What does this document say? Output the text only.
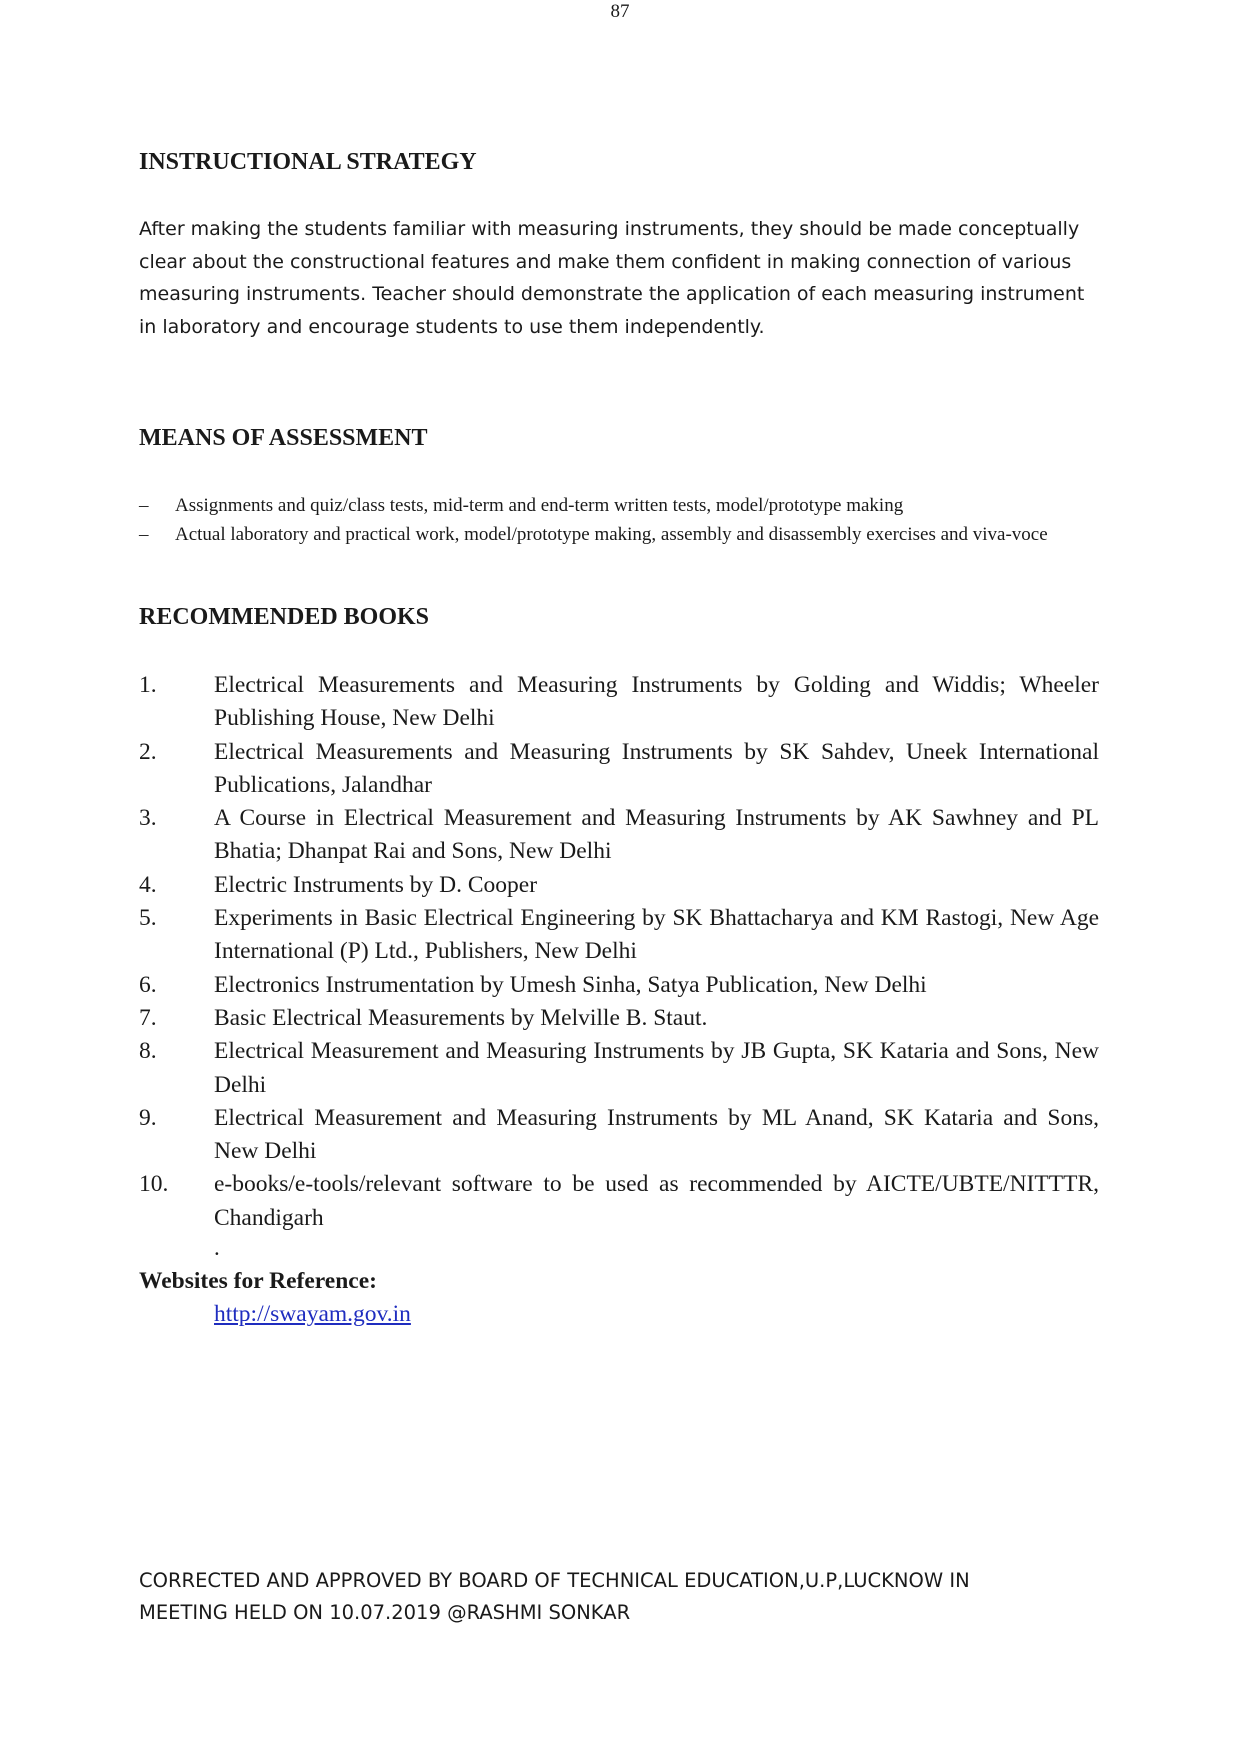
87
INSTRUCTIONAL STRATEGY
After making the students familiar with measuring instruments, they should be made conceptually clear about the constructional features and make them confident in making connection of various measuring instruments. Teacher should demonstrate the application of each measuring instrument in laboratory and encourage students to use them independently.
MEANS OF ASSESSMENT
– Assignments and quiz/class tests, mid-term and end-term written tests, model/prototype making
– Actual laboratory and practical work, model/prototype making, assembly and disassembly exercises and viva-voce
RECOMMENDED BOOKS
1. Electrical Measurements and Measuring Instruments by Golding and Widdis; Wheeler Publishing House, New Delhi
2. Electrical Measurements and Measuring Instruments by SK Sahdev, Uneek International Publications, Jalandhar
3. A Course in Electrical Measurement and Measuring Instruments by AK Sawhney and PL Bhatia; Dhanpat Rai and Sons, New Delhi
4. Electric Instruments by D. Cooper
5. Experiments in Basic Electrical Engineering by SK Bhattacharya and KM Rastogi, New Age International (P) Ltd., Publishers, New Delhi
6. Electronics Instrumentation by Umesh Sinha, Satya Publication, New Delhi
7. Basic Electrical Measurements by Melville B. Staut.
8. Electrical Measurement and Measuring Instruments by JB Gupta, SK Kataria and Sons, New Delhi
9. Electrical Measurement and Measuring Instruments by ML Anand, SK Kataria and Sons, New Delhi
10. e-books/e-tools/relevant software to be used as recommended by AICTE/UBTE/NITTTR, Chandigarh
.
Websites for Reference:
http://swayam.gov.in
CORRECTED AND APPROVED BY BOARD OF TECHNICAL EDUCATION,U.P,LUCKNOW IN
MEETING HELD ON 10.07.2019 @RASHMI SONKAR
